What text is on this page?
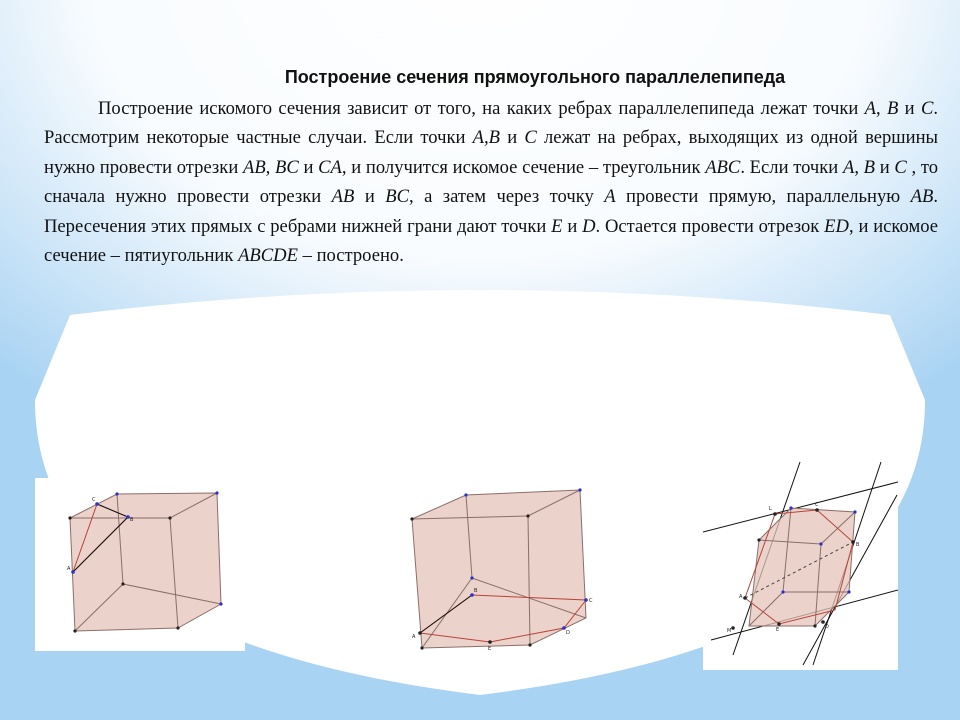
Построение сечения прямоугольного параллелепипеда

Построение искомого сечения зависит от того, на каких ребрах параллелепипеда лежат точки A, B и C. Рассмотрим некоторые частные случаи. Если точки A,B и C лежат на ребрах, выходящих из одной вершины нужно провести отрезки AB, BC и CA, и получится искомое сечение – треугольник ABC. Если точки A, B и C , то сначала нужно провести отрезки AB и BC, а затем через точку A провести прямую, параллельную AB. Пересечения этих прямых с ребрами нижней грани дают точки E и D. Остается провести отрезок ED, и искомое сечение – пятиугольник ABCDE – построено.

C
B
A
A
B
C
D
E
L
C
B
A
M	E	D
